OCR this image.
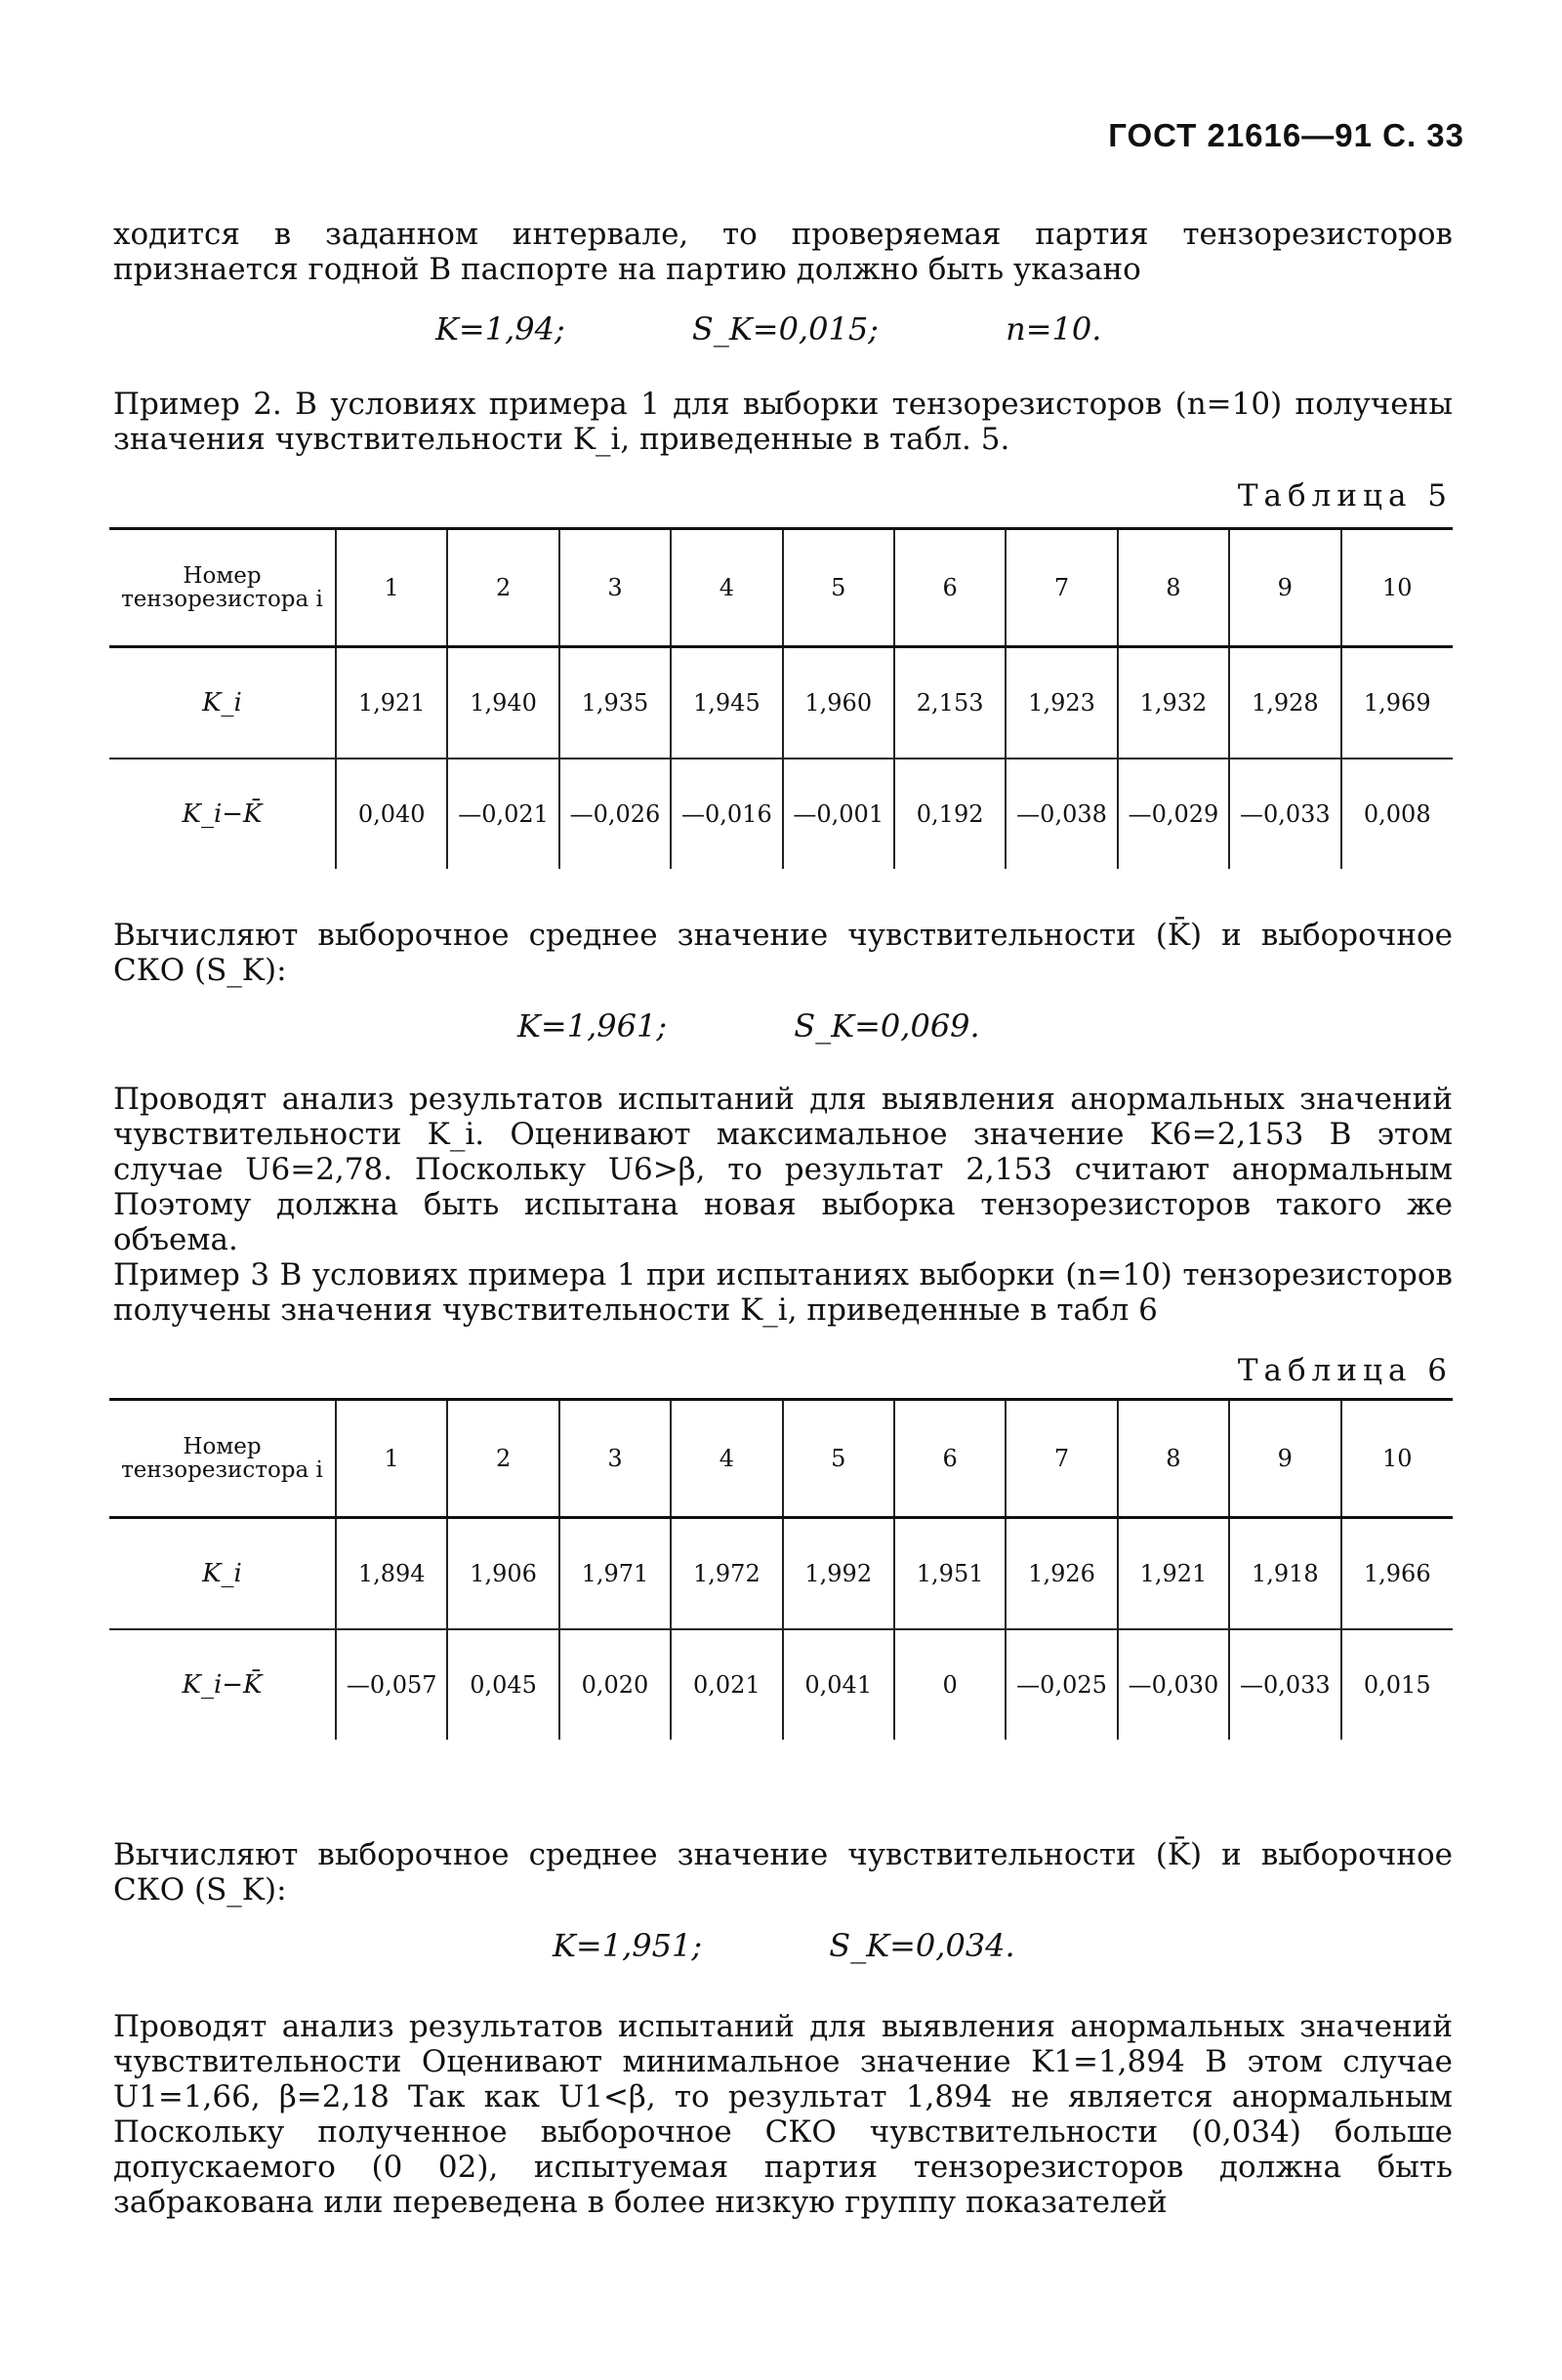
ГОСТ 21616—91 С. 33
ходится в заданном интервале, то проверяемая партия тензорезисторов признается годной В паспорте на партию должно быть указано
K=1,94;	S_K=0,015;	n=10.
Пример 2. В условиях примера 1 для выборки тензорезисторов (n=10) получены значения чувствительности K_i, приведенные в табл. 5.
Таблица 5
Номер тензорезистора i	1	2	3	4	5	6	7	8	9	10
K_i	1,921	1,940	1,935	1,945	1,960	2,153	1,923	1,932	1,928	1,969
K_i−K̄	0,040	—0,021	—0,026	—0,016	—0,001	0,192	—0,038	—0,029	—0,033	0,008
Вычисляют выборочное среднее значение чувствительности (K̄) и выборочное СКО (S_K):
K=1,961;	S_K=0,069.
Проводят анализ результатов испытаний для выявления анормальных значений чувствительности K_i. Оценивают максимальное значение K6=2,153 В этом случае U6=2,78. Поскольку U6>β, то результат 2,153 считают анормальным Поэтому должна быть испытана новая выборка тензорезисторов такого же объема.
Пример 3 В условиях примера 1 при испытаниях выборки (n=10) тензорезисторов получены значения чувствительности K_i, приведенные в табл 6
Таблица 6
Номер тензорезистора i	1	2	3	4	5	6	7	8	9	10
K_i	1,894	1,906	1,971	1,972	1,992	1,951	1,926	1,921	1,918	1,966
K_i−K̄	—0,057	0,045	0,020	0,021	0,041	0	—0,025	—0,030	—0,033	0,015
Вычисляют выборочное среднее значение чувствительности (K̄) и выборочное СКО (S_K):
K=1,951;	S_K=0,034.
Проводят анализ результатов испытаний для выявления анормальных значений чувствительности Оценивают минимальное значение K1=1,894 В этом случае U1=1,66, β=2,18 Так как U1<β, то результат 1,894 не является анормальным Поскольку полученное выборочное СКО чувствительности (0,034) больше допускаемого (0 02), испытуемая партия тензорезисторов должна быть забракована или переведена в более низкую группу показателей
